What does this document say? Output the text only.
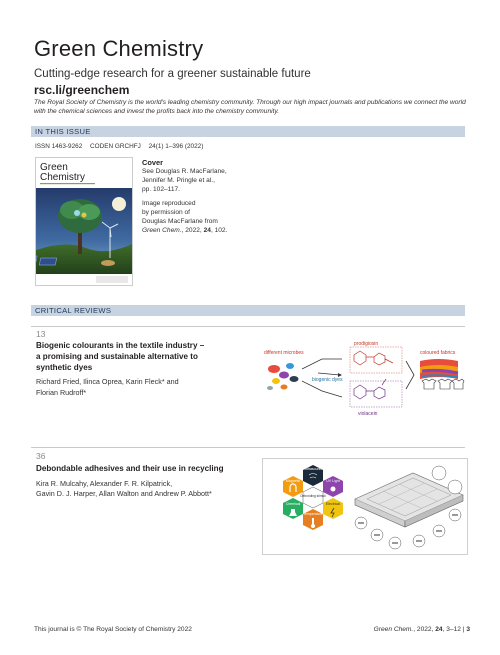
Green Chemistry
Cutting-edge research for a greener sustainable future
rsc.li/greenchem
The Royal Society of Chemistry is the world's leading chemistry community. Through our high impact journals and publications we connect the world with the chemical sciences and invest the profits back into the chemistry community.
IN THIS ISSUE
ISSN 1463-9262 CODEN GRCHFJ 24(1) 1–396 (2022)
Green
Chemistry
Cover
See Douglas R. MacFarlane,
Jennifer M. Pringle et al.,
pp. 102–117.
Image reproduced
by permission of
Douglas MacFarlane from
Green Chem., 2022, 24, 102.
CRITICAL REVIEWS
13
Biogenic colourants in the textile industry –
a promising and sustainable alternative to
synthetic dyes
Richard Fried, Ilinca Oprea, Karin Fleck* and
Florian Rudroff*
different microbes
biogenic dyes
prodigiosin
violacein
coloured fabrics
36
Debondable adhesives and their use in recycling
Kira R. Mulcahy, Alexander F. R. Kilpatrick,
Gavin D. J. Harper, Allan Walton and Andrew P. Abbott*
Ultrasound
Magnetic	UV Light
Debonding stimuli
Chemical	Electrical
Temperature
This journal is © The Royal Society of Chemistry 2022	Green Chem., 2022, 24, 3–12 | 3
